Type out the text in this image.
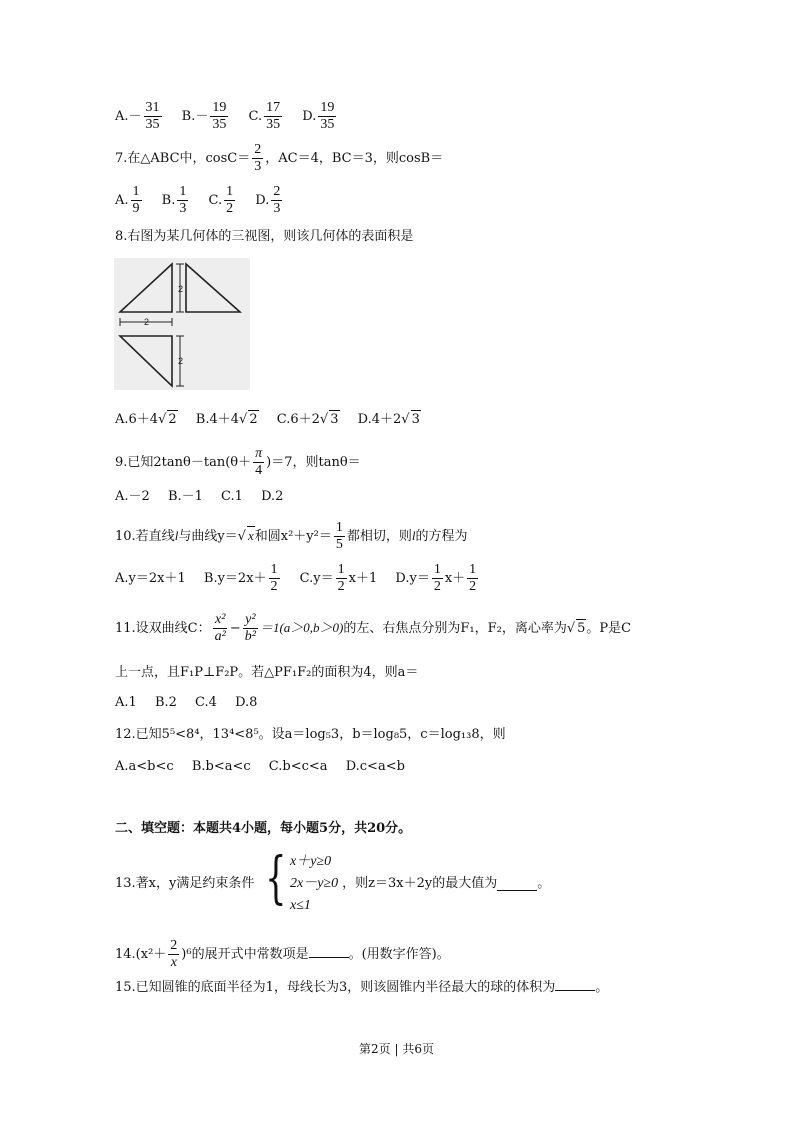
$A.- \frac{31}{35}$
$B.- \frac{19}{35}$
C. $\frac{17}{35}$
D. $\frac{19}{35}$
7.在△ABC中，$\cos C= \frac{2}{3}$ ，AC＝4，BC＝3，则cosB＝
A. $\frac{1}{9}$
B. $\frac{1}{3}$
C. $\frac{1}{2}$
D. $\frac{2}{3}$
8.右图为某几何体的三视图，则该几何体的表面积是
2
2
2
A.6＋4 √ 2
B.4＋4 √ 2
C.6＋2 √ 3
D.4＋2 √ 3
9.已知$2\tan\theta-\tan(\theta+ \frac{\pi}{4} )=7$，则tanθ＝
A.－2 B.－1 C.1 D.2
10.若直线l与曲线y＝√ x和圆$x^2+y^2= \frac{1}{5}$ 都相切，则l的方程为
A.y＝2x＋1 $B.y=2x+ \frac{1}{2}$
$C.y= \frac{1}{2} x+1$
$D.y= \frac{1}{2} x+ \frac{1}{2}$
11.设双曲线C： $\frac{\text{x²}}{\text{a²}} - \frac{\text{y²}}{\text{b²}} =1(a>0,b>0)$的左、右焦点分别为F₁，F₂，离心率为√ 5。P是C
上一点，且F₁P⊥F₂P。若△PF₁F₂的面积为4，则a＝
A.1 B.2 C.4 D.8
12.已知5⁵<8⁴，13⁴<8⁵。设a＝log₅3，b＝log₈5，c＝log₁₃8，则
A.a<b<c B.b<a<c C.b<c<a D.c<a<b
二、填空题：本题共4小题，每小题5分，共20分。
13.著x，y满足约束条件 { x＋y≥0
2x－y≥0
x≤1
，则z＝3x＋2y的最大值为	。
$14.(x^2+ \frac{2}{x} )^6$的展开式中常数项是	。(用数字作答)。
15.已知圆锥的底面半径为1，母线长为3，则该圆锥内半径最大的球的体积为	。
第2页 | 共6页
